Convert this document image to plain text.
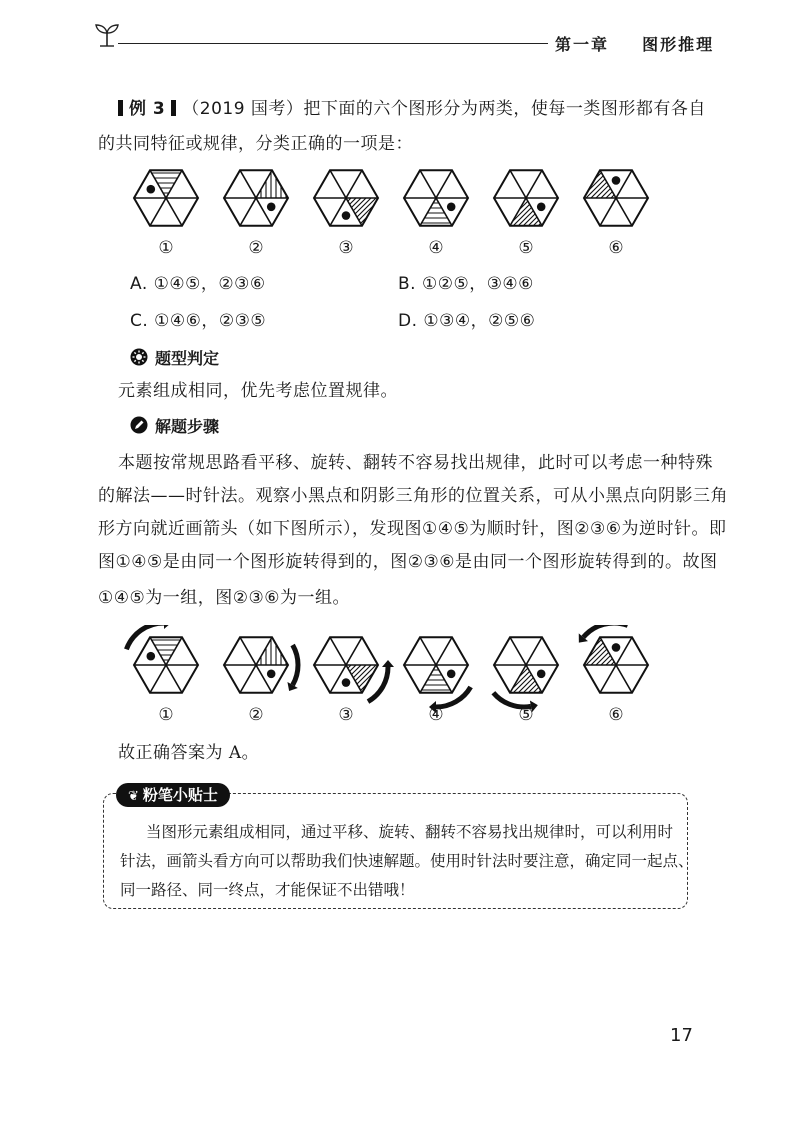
第一章 图形推理
例 3 （2019 国考）把下面的六个图形分为两类，使每一类图形都有各自
的共同特征或规律，分类正确的一项是：
①	②	③	④	⑤	⑥
①	②	③	④	⑤	⑥
A. ①④⑤，②③⑥	B. ①②⑤，③④⑥
C. ①④⑥，②③⑤	D. ①③④，②⑤⑥
题型判定
元素组成相同，优先考虑位置规律。
解题步骤
本题按常规思路看平移、旋转、翻转不容易找出规律，此时可以考虑一种特殊
的解法——时针法。观察小黑点和阴影三角形的位置关系，可从小黑点向阴影三角
形方向就近画箭头（如下图所示），发现图①④⑤为顺时针，图②③⑥为逆时针。即
图①④⑤是由同一个图形旋转得到的，图②③⑥是由同一个图形旋转得到的。故图
①④⑤为一组，图②③⑥为一组。
故正确答案为 A。
❦ 粉笔小贴士
当图形元素组成相同，通过平移、旋转、翻转不容易找出规律时，可以利用时
针法，画箭头看方向可以帮助我们快速解题。使用时针法时要注意，确定同一起点、
同一路径、同一终点，才能保证不出错哦！
17
